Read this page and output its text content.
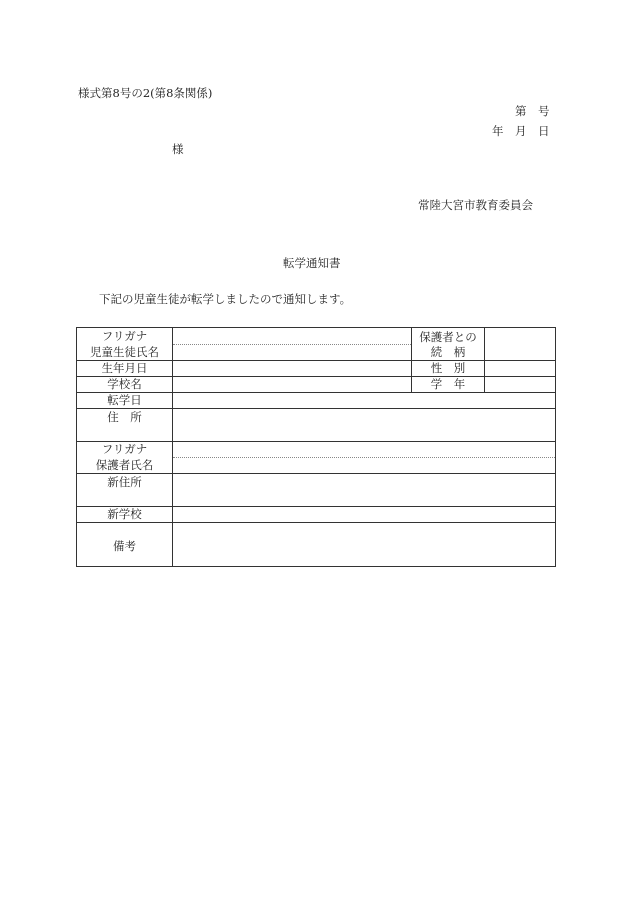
様式第8号の2(第8条関係)
第　号
年　月　日
様
常陸大宮市教育委員会
転学通知書
下記の児童生徒が転学しましたので通知します。
フリガナ
児童生徒氏名
保護者との
続　柄
生年月日	性　別
学校名	学　年
転学日
住　所
フリガナ
保護者氏名
新住所
新学校
備考
